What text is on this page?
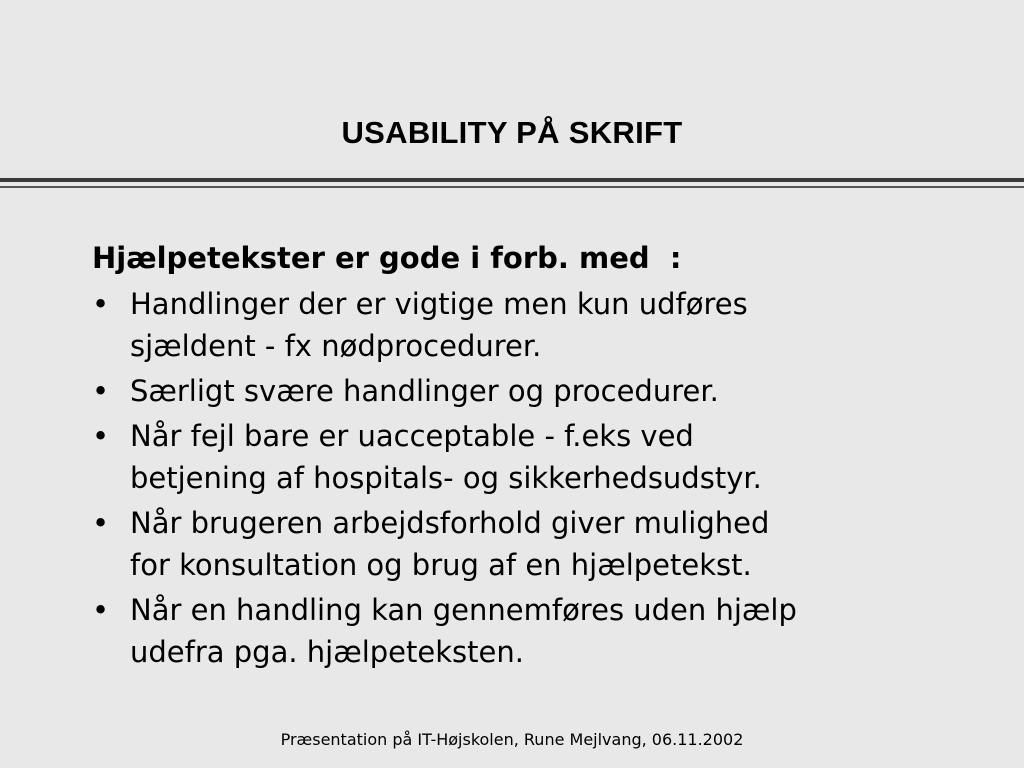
USABILITY PÅ SKRIFT

Hjælpetekster er gode i forb. med  :

• Handlinger der er vigtige men kun udføres
sjældent - fx nødprocedurer.
• Særligt svære handlinger og procedurer.
• Når fejl bare er uacceptable - f.eks ved
betjening af hospitals- og sikkerhedsudstyr.
• Når brugeren arbejdsforhold giver mulighed
for konsultation og brug af en hjælpetekst.
• Når en handling kan gennemføres uden hjælp
udefra pga. hjælpeteksten.
Præsentation på IT-Højskolen, Rune Mejlvang, 06.11.2002
